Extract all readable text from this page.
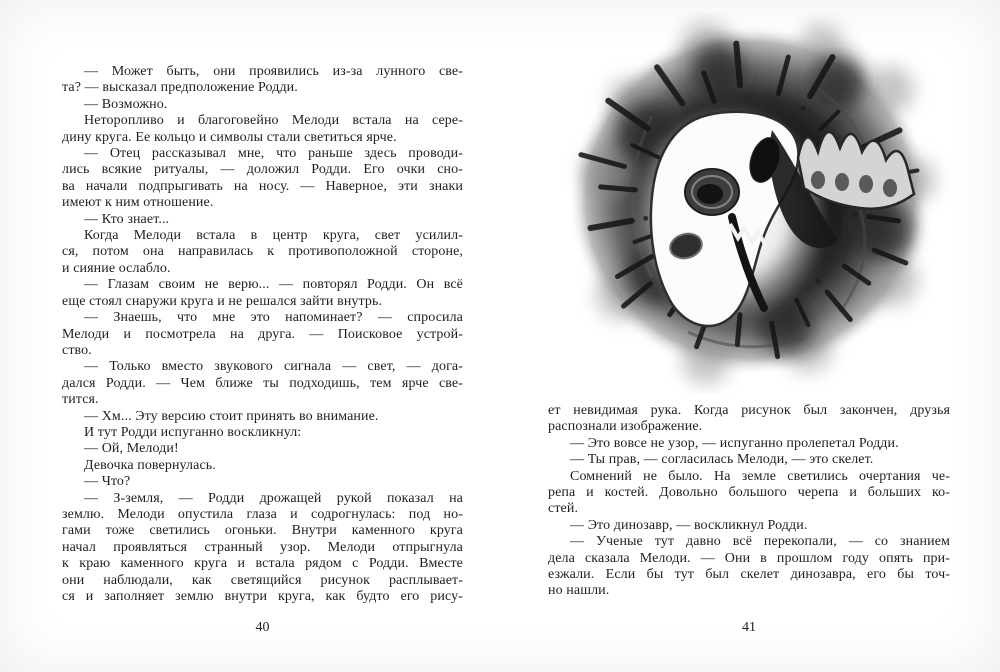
— Может быть, они проявились из-за лунного све-
та? — высказал предположение Родди.
— Возможно.
Неторопливо и благоговейно Мелоди встала на сере-
дину круга. Ее кольцо и символы стали светиться ярче.
— Отец рассказывал мне, что раньше здесь проводи-
лись всякие ритуалы, — доложил Родди. Его очки сно-
ва начали подпрыгивать на носу. — Наверное, эти знаки
имеют к ним отношение.
— Кто знает...
Когда Мелоди встала в центр круга, свет усилил-
ся, потом она направилась к противоположной стороне,
и сияние ослабло.
— Глазам своим не верю... — повторял Родди. Он всё
еще стоял снаружи круга и не решался зайти внутрь.
— Знаешь, что мне это напоминает? — спросила
Мелоди и посмотрела на друга. — Поисковое устрой-
ство.
— Только вместо звукового сигнала — свет, — дога-
дался Родди. — Чем ближе ты подходишь, тем ярче све-
тится.
— Хм... Эту версию стоит принять во внимание.
И тут Родди испуганно воскликнул:
— Ой, Мелоди!
Девочка повернулась.
— Что?
— З-земля, — Родди дрожащей рукой показал на
землю. Мелоди опустила глаза и содрогнулась: под но-
гами тоже светились огоньки. Внутри каменного круга
начал проявляться странный узор. Мелоди отпрыгнула
к краю каменного круга и встала рядом с Родди. Вместе
они наблюдали, как светящийся рисунок расплывает-
ся и заполняет землю внутри круга, как будто его рису-
40
ет невидимая рука. Когда рисунок был закончен, друзья
распознали изображение.
— Это вовсе не узор, — испуганно пролепетал Родди.
— Ты прав, — согласилась Мелоди, — это скелет.
Сомнений не было. На земле светились очертания че-
репа и костей. Довольно большого черепа и больших ко-
стей.
— Это динозавр, — воскликнул Родди.
— Ученые тут давно всё перекопали, — со знанием
дела сказала Мелоди. — Они в прошлом году опять при-
езжали. Если бы тут был скелет динозавра, его бы точ-
но нашли.
41
